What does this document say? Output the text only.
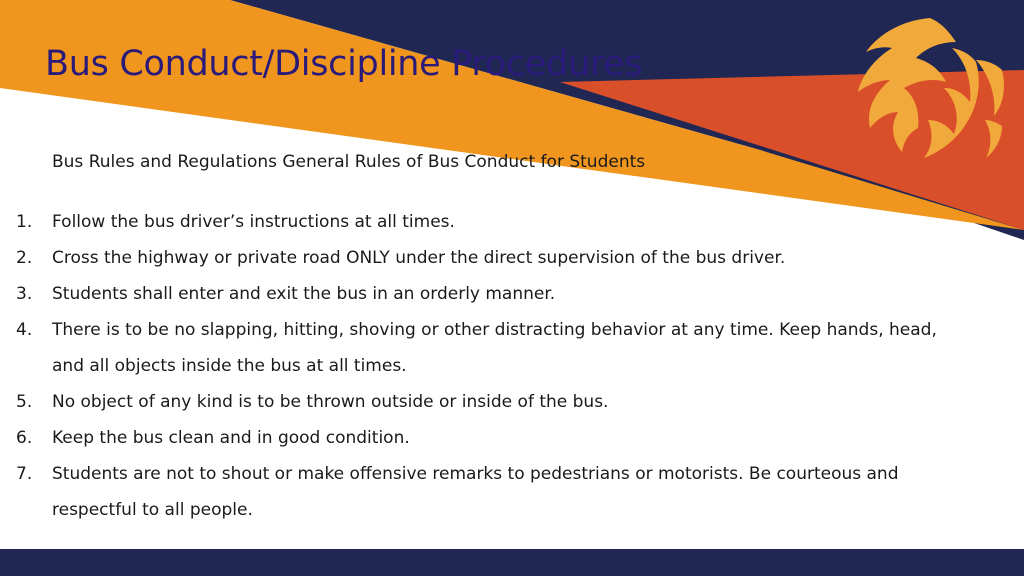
Bus Conduct/Discipline Procedures
Bus Rules and Regulations General Rules of Bus Conduct for Students
1.	Follow the bus driver’s instructions at all times.
2.	Cross the highway or private road ONLY under the direct supervision of the bus driver.
3.	Students shall enter and exit the bus in an orderly manner.
4.	There is to be no slapping, hitting, shoving or other distracting behavior at any time. Keep hands, head, and all objects inside the bus at all times.
5.	No object of any kind is to be thrown outside or inside of the bus.
6.	Keep the bus clean and in good condition.
7.	Students are not to shout or make offensive remarks to pedestrians or motorists. Be courteous and respectful to all people.
